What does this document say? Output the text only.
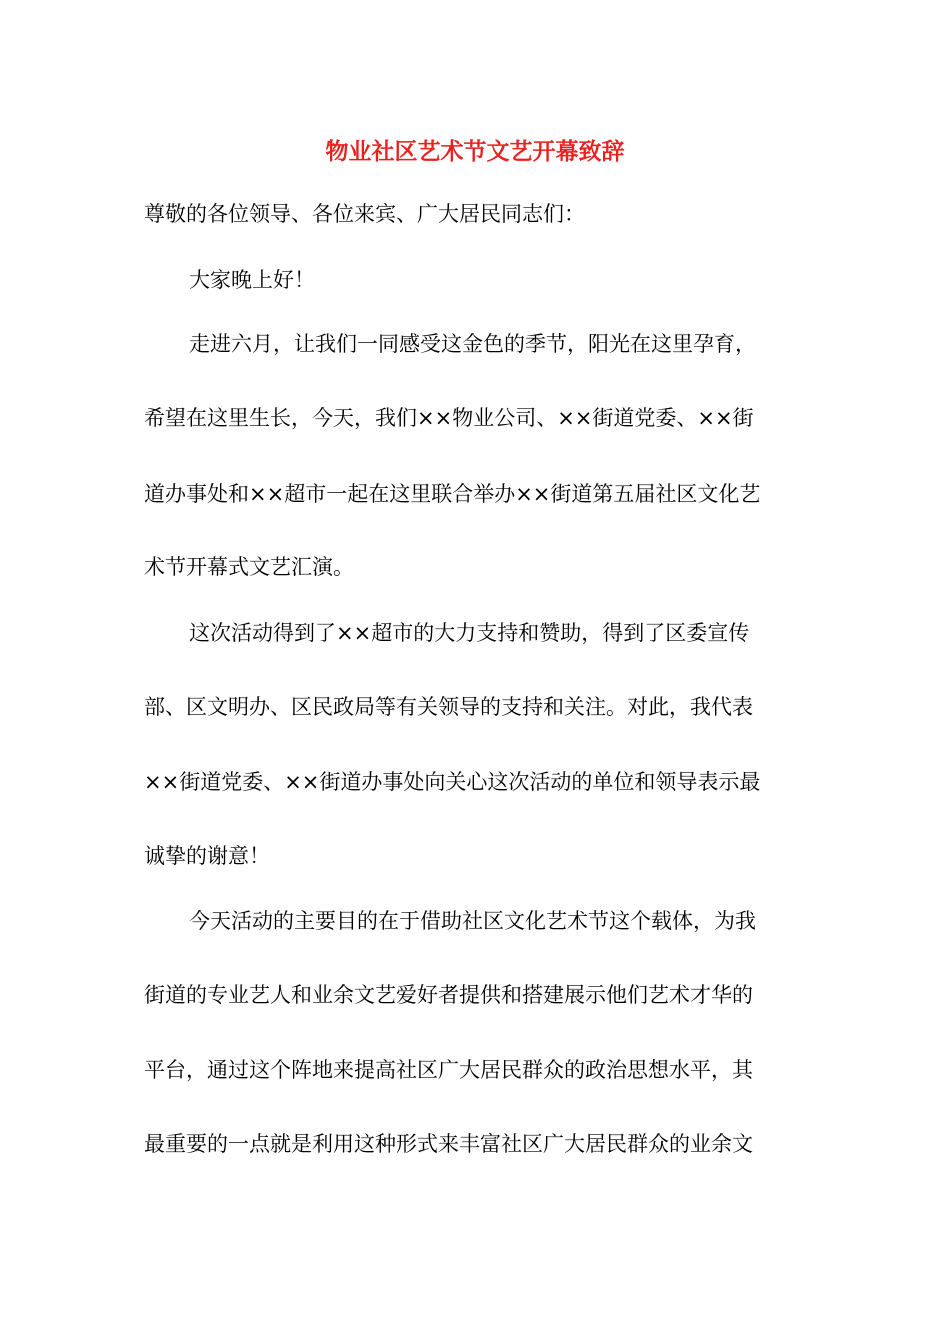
物业社区艺术节文艺开幕致辞
尊敬的各位领导、各位来宾、广大居民同志们：
大家晚上好！
走进六月，让我们一同感受这金色的季节，阳光在这里孕育，
希望在这里生长，今天，我们××物业公司、××街道党委、××街
道办事处和××超市一起在这里联合举办××街道第五届社区文化艺
术节开幕式文艺汇演。
这次活动得到了××超市的大力支持和赞助，得到了区委宣传
部、区文明办、区民政局等有关领导的支持和关注。对此，我代表
××街道党委、××街道办事处向关心这次活动的单位和领导表示最
诚挚的谢意！
今天活动的主要目的在于借助社区文化艺术节这个载体，为我
街道的专业艺人和业余文艺爱好者提供和搭建展示他们艺术才华的
平台，通过这个阵地来提高社区广大居民群众的政治思想水平，其
最重要的一点就是利用这种形式来丰富社区广大居民群众的业余文
